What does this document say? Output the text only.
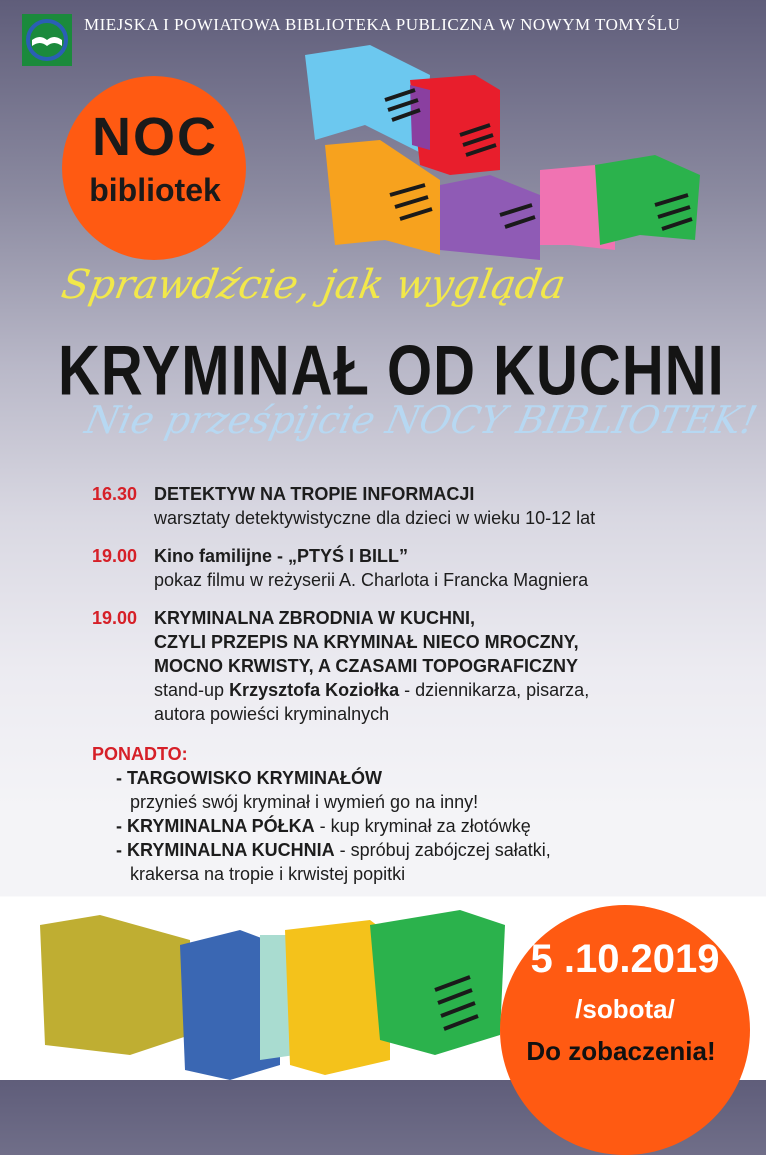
MIEJSKA I POWIATOWA BIBLIOTEKA PUBLICZNA W NOWYM TOMYŚLU
NOC
bibliotek
Sprawdźcie, jak wygląda
KRYMINAŁ OD KUCHNI
Nie prześpijcie NOCY BIBLIOTEK!
16.30 DETEKTYW NA TROPIE INFORMACJI
warsztaty detektywistyczne dla dzieci w wieku 10-12 lat
19.00 Kino familijne - „PTYŚ I BILL”
pokaz filmu w reżyserii A. Charlota i Francka Magniera
19.00 KRYMINALNA ZBRODNIA W KUCHNI,
CZYLI PRZEPIS NA KRYMINAŁ NIECO MROCZNY,
MOCNO KRWISTY, A CZASAMI TOPOGRAFICZNY
stand-up Krzysztofa Koziołka - dziennikarza, pisarza,
autora powieści kryminalnych
PONADTO:
- TARGOWISKO KRYMINAŁÓW
przynieś swój kryminał i wymień go na inny!
- KRYMINALNA PÓŁKA - kup kryminał za złotówkę
- KRYMINALNA KUCHNIA - spróbuj zabójczej sałatki,
krakersa na tropie i krwistej popitki
5 .10.2019
/sobota/
Do zobaczenia!
